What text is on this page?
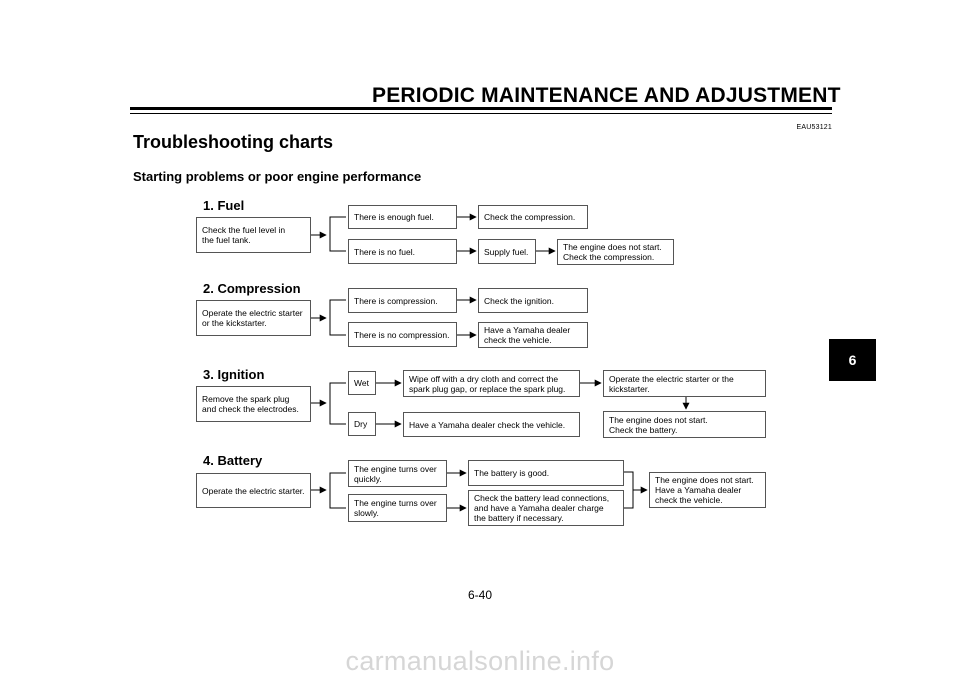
PERIODIC MAINTENANCE AND ADJUSTMENT
EAU53121
Troubleshooting charts
Starting problems or poor engine performance
1. Fuel
Check the fuel level in
the fuel tank.
There is enough fuel.
There is no fuel.
Check the compression.
Supply fuel.	The engine does not start.
Check the compression.
2. Compression
Operate the electric starter
or the kickstarter.
There is compression.
There is no compression.
Check the ignition.
Have a Yamaha dealer
check the vehicle.
3. Ignition
Remove the spark plug
and check the electrodes.
Wet
Dry
Wipe off with a dry cloth and correct the
spark plug gap, or replace the spark plug.
Have a Yamaha dealer check the vehicle.
Operate the electric starter or the
kickstarter.
The engine does not start.
Check the battery.
4. Battery
Operate the electric starter.
The engine turns over
quickly.
The engine turns over
slowly.
The battery is good.
Check the battery lead connections,
and have a Yamaha dealer charge
the battery if necessary.
The engine does not start.
Have a Yamaha dealer
check the vehicle.
6
6-40
carmanualsonline.info
